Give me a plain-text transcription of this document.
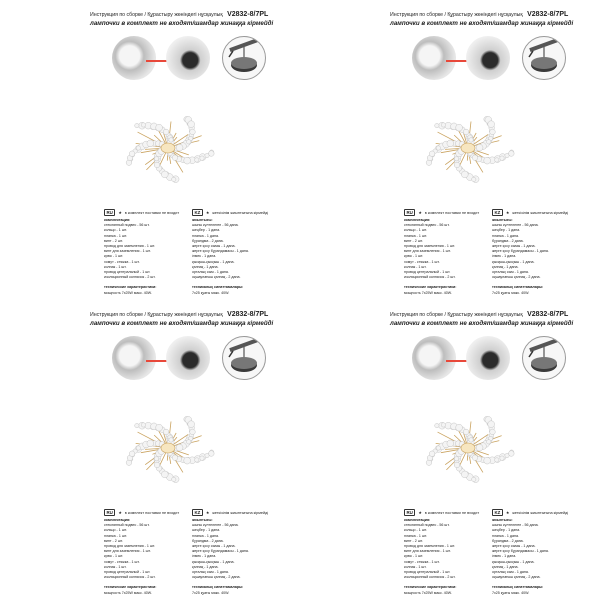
Инструкция по сборке / Құрастыру жөніндегі нұсқаулық V2832-8/7PL
лампочки в комплект не входят/шамдар жинаққа кірмейді
RU	★ в комплект поставки не входит	KZ	★ жеткізілім жиынтығына кірмейді
комплектация:
стеклянный подвес - 56 шт.
кольцо - 1 шт.
планка - 1 шт.
винт - 2 шт.
провод для заземления - 1 шт.
винт для заземления - 1 шт.
крюк - 1 шт.
хомут - стяжка - 1 шт.
колпак - 1 шт.
провод центральный - 1 шт.
изоляционный колпачок - 2 шт.
технические характеристики:
мощность 7x25W макс. 40W.
жиынтығы:
шыны күлтелеген - 56 дана.
шеңбер - 1 дана.
планка - 1 дана.
бұрандма - 2 дана.
жерге қосу сымы - 1 дана.
жерге қосу бұрандамасы - 1 дана.
ілмек - 1 дана.
қысқыш-қысқыш - 1 дана.
қалпақ - 1 дана.
орталық сым - 1 дана.
оқшаулағыш қалпақ - 2 дана.
техникалық сипаттамалары:
7x25 қуаты макс. 40W.
Инструкция по сборке / Құрастыру жөніндегі нұсқаулық V2832-8/7PL
лампочки в комплект не входят/шамдар жинаққа кірмейді
RU	★ в комплект поставки не входит	KZ	★ жеткізілім жиынтығына кірмейді
комплектация:
стеклянный подвес - 56 шт.
кольцо - 1 шт.
планка - 1 шт.
винт - 2 шт.
провод для заземления - 1 шт.
винт для заземления - 1 шт.
крюк - 1 шт.
хомут - стяжка - 1 шт.
колпак - 1 шт.
провод центральный - 1 шт.
изоляционный колпачок - 2 шт.
технические характеристики:
мощность 7x25W макс. 40W.
жиынтығы:
шыны күлтелеген - 56 дана.
шеңбер - 1 дана.
планка - 1 дана.
бұрандма - 2 дана.
жерге қосу сымы - 1 дана.
жерге қосу бұрандамасы - 1 дана.
ілмек - 1 дана.
қысқыш-қысқыш - 1 дана.
қалпақ - 1 дана.
орталық сым - 1 дана.
оқшаулағыш қалпақ - 2 дана.
техникалық сипаттамалары:
7x25 қуаты макс. 40W.
Инструкция по сборке / Құрастыру жөніндегі нұсқаулық V2832-8/7PL
лампочки в комплект не входят/шамдар жинаққа кірмейді
RU	★ в комплект поставки не входит	KZ	★ жеткізілім жиынтығына кірмейді
комплектация:
стеклянный подвес - 56 шт.
кольцо - 1 шт.
планка - 1 шт.
винт - 2 шт.
провод для заземления - 1 шт.
винт для заземления - 1 шт.
крюк - 1 шт.
хомут - стяжка - 1 шт.
колпак - 1 шт.
провод центральный - 1 шт.
изоляционный колпачок - 2 шт.
технические характеристики:
мощность 7x25W макс. 40W.
жиынтығы:
шыны күлтелеген - 56 дана.
шеңбер - 1 дана.
планка - 1 дана.
бұрандма - 2 дана.
жерге қосу сымы - 1 дана.
жерге қосу бұрандамасы - 1 дана.
ілмек - 1 дана.
қысқыш-қысқыш - 1 дана.
қалпақ - 1 дана.
орталық сым - 1 дана.
оқшаулағыш қалпақ - 2 дана.
техникалық сипаттамалары:
7x25 қуаты макс. 40W.
Инструкция по сборке / Құрастыру жөніндегі нұсқаулық V2832-8/7PL
лампочки в комплект не входят/шамдар жинаққа кірмейді
RU	★ в комплект поставки не входит	KZ	★ жеткізілім жиынтығына кірмейді
комплектация:
стеклянный подвес - 56 шт.
кольцо - 1 шт.
планка - 1 шт.
винт - 2 шт.
провод для заземления - 1 шт.
винт для заземления - 1 шт.
крюк - 1 шт.
хомут - стяжка - 1 шт.
колпак - 1 шт.
провод центральный - 1 шт.
изоляционный колпачок - 2 шт.
технические характеристики:
мощность 7x25W макс. 40W.
жиынтығы:
шыны күлтелеген - 56 дана.
шеңбер - 1 дана.
планка - 1 дана.
бұрандма - 2 дана.
жерге қосу сымы - 1 дана.
жерге қосу бұрандамасы - 1 дана.
ілмек - 1 дана.
қысқыш-қысқыш - 1 дана.
қалпақ - 1 дана.
орталық сым - 1 дана.
оқшаулағыш қалпақ - 2 дана.
техникалық сипаттамалары:
7x25 қуаты макс. 40W.
